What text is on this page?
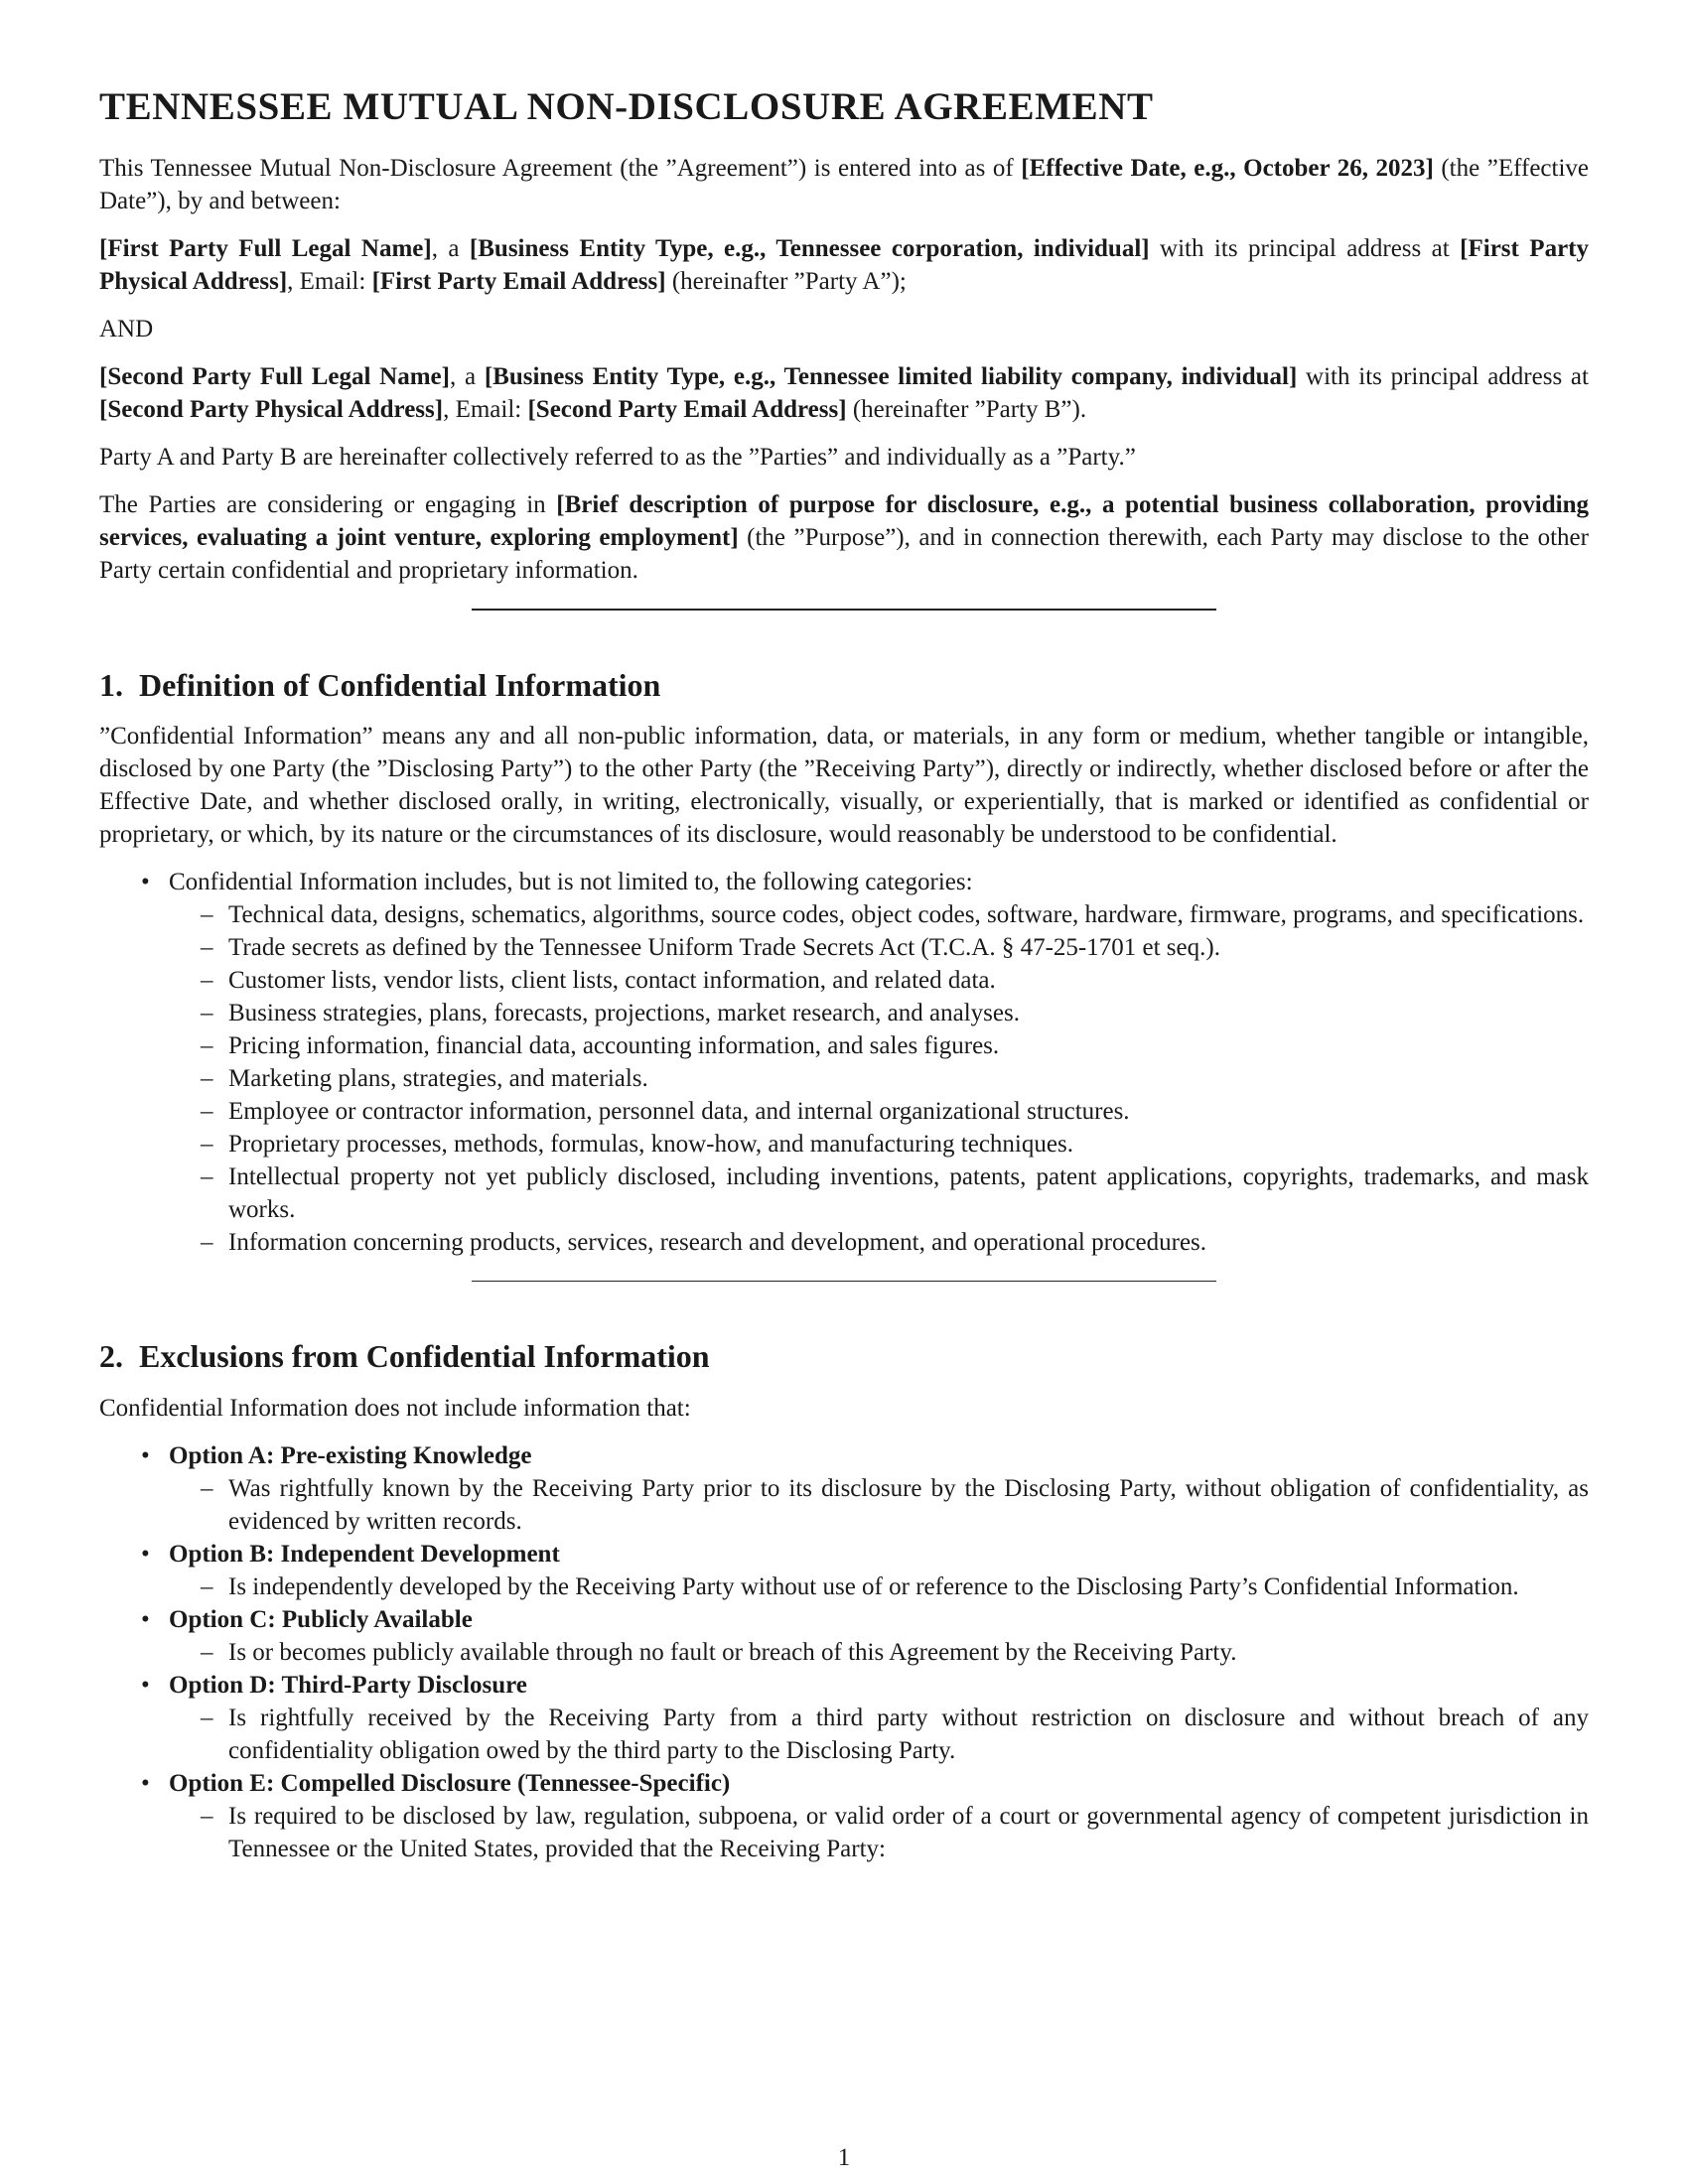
TENNESSEE MUTUAL NON-DISCLOSURE AGREEMENT

This Tennessee Mutual Non-Disclosure Agreement (the ”Agreement”) is entered into as of [Effective Date, e.g., October 26, 2023] (the ”Effective Date”), by and between:

[First Party Full Legal Name], a [Business Entity Type, e.g., Tennessee corporation, individual] with its principal address at [First Party Physical Address], Email: [First Party Email Address] (hereinafter ”Party A”);

AND

[Second Party Full Legal Name], a [Business Entity Type, e.g., Tennessee limited liability company, individual] with its principal address at [Second Party Physical Address], Email: [Second Party Email Address] (hereinafter ”Party B”).

Party A and Party B are hereinafter collectively referred to as the ”Parties” and individually as a ”Party.”

The Parties are considering or engaging in [Brief description of purpose for disclosure, e.g., a potential business collaboration, providing services, evaluating a joint venture, exploring employment] (the ”Purpose”), and in connection therewith, each Party may disclose to the other Party certain confidential and proprietary information.

1. Definition of Confidential Information

”Confidential Information” means any and all non-public information, data, or materials, in any form or medium, whether tangible or intangible, disclosed by one Party (the ”Disclosing Party”) to the other Party (the ”Receiving Party”), directly or indirectly, whether disclosed before or after the Effective Date, and whether disclosed orally, in writing, electronically, visually, or experientially, that is marked or identified as confidential or proprietary, or which, by its nature or the circumstances of its disclosure, would reasonably be understood to be confidential.

• Confidential Information includes, but is not limited to, the following categories:
– Technical data, designs, schematics, algorithms, source codes, object codes, software, hardware, firmware, programs, and specifications.
– Trade secrets as defined by the Tennessee Uniform Trade Secrets Act (T.C.A. § 47-25-1701 et seq.).
– Customer lists, vendor lists, client lists, contact information, and related data.
– Business strategies, plans, forecasts, projections, market research, and analyses.
– Pricing information, financial data, accounting information, and sales figures.
– Marketing plans, strategies, and materials.
– Employee or contractor information, personnel data, and internal organizational structures.
– Proprietary processes, methods, formulas, know-how, and manufacturing techniques.
– Intellectual property not yet publicly disclosed, including inventions, patents, patent applications, copyrights, trademarks, and mask works.
– Information concerning products, services, research and development, and operational procedures.
2. Exclusions from Confidential Information

Confidential Information does not include information that:

• Option A: Pre-existing Knowledge
– Was rightfully known by the Receiving Party prior to its disclosure by the Disclosing Party, without obligation of confidentiality, as evidenced by written records.
• Option B: Independent Development
– Is independently developed by the Receiving Party without use of or reference to the Disclosing Party’s Confidential Information.
• Option C: Publicly Available
– Is or becomes publicly available through no fault or breach of this Agreement by the Receiving Party.
• Option D: Third-Party Disclosure
– Is rightfully received by the Receiving Party from a third party without restriction on disclosure and without breach of any confidentiality obligation owed by the third party to the Disclosing Party.
• Option E: Compelled Disclosure (Tennessee-Specific)
– Is required to be disclosed by law, regulation, subpoena, or valid order of a court or governmental agency of competent jurisdiction in Tennessee or the United States, provided that the Receiving Party:
1
